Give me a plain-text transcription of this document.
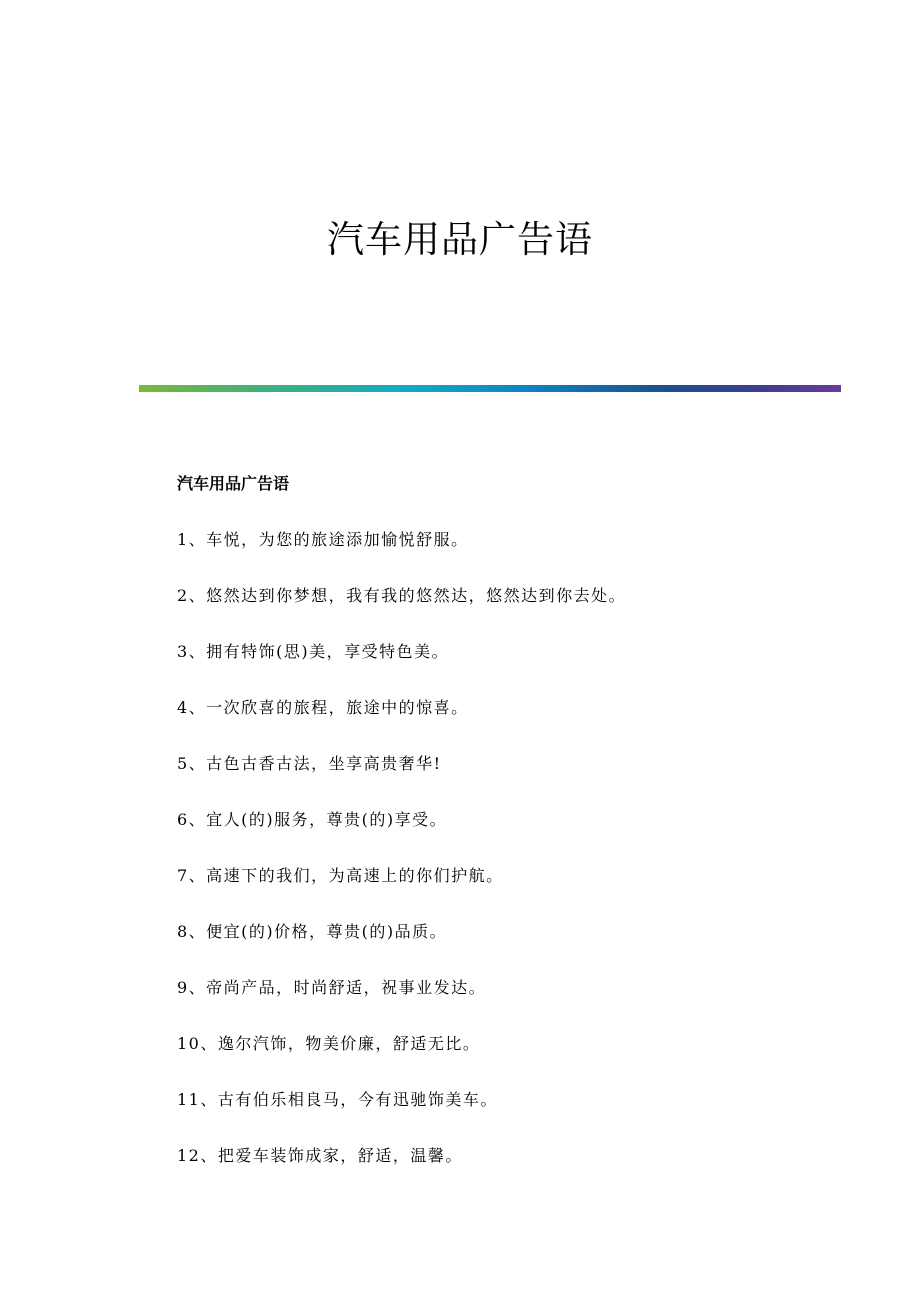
汽车用品广告语
汽车用品广告语
1、车悦，为您的旅途添加愉悦舒服。
2、悠然达到你梦想，我有我的悠然达，悠然达到你去处。
3、拥有特饰(思)美，享受特色美。
4、一次欣喜的旅程，旅途中的惊喜。
5、古色古香古法，坐享高贵奢华!
6、宜人(的)服务，尊贵(的)享受。
7、高速下的我们，为高速上的你们护航。
8、便宜(的)价格，尊贵(的)品质。
9、帝尚产品，时尚舒适，祝事业发达。
10、逸尔汽饰，物美价廉，舒适无比。
11、古有伯乐相良马，今有迅驰饰美车。
12、把爱车装饰成家，舒适，温馨。
